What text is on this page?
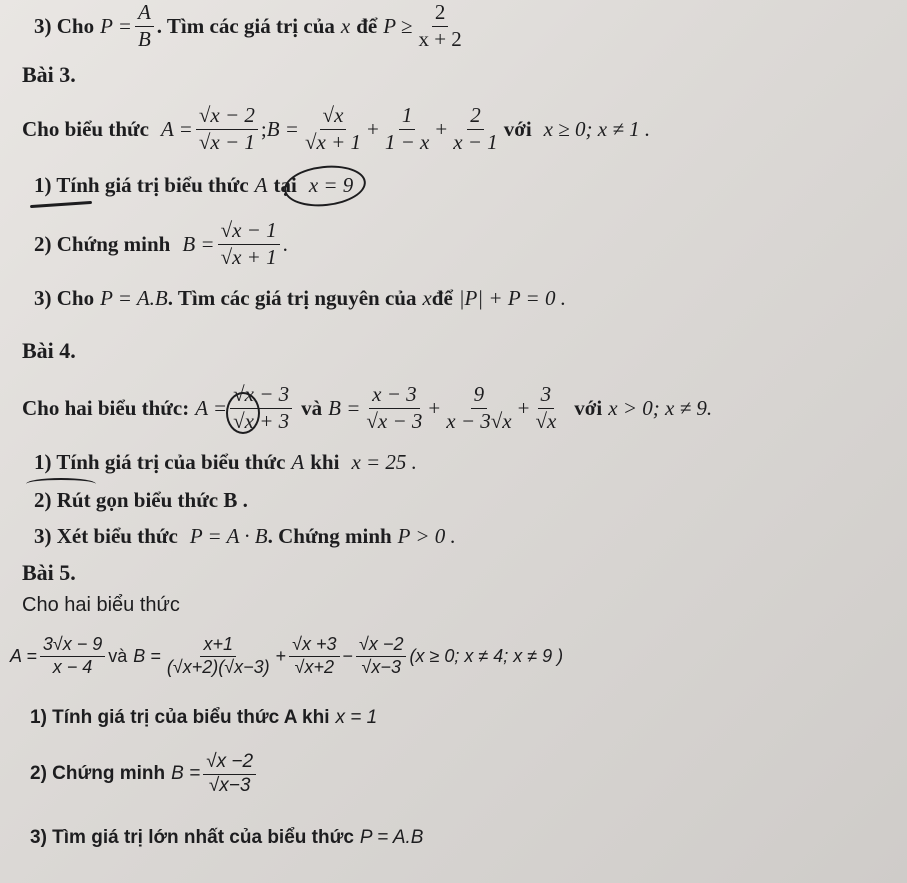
3) Cho $P = \frac{A}{B}$ . Tìm các giá trị của x để $P \ge \frac{2}{x + 2}$
Bài 3.
Cho biểu thức $A = \frac{√x - 2}{√x - 1}$ ; $B = \frac{√x}{√x + 1} + \frac{1}{1 - x} + \frac{2}{x - 1}$ với x ≥ 0; x ≠ 1 .
1) Tính giá trị biểu thức A tại x = 9
2) Chứng minh $B = \frac{√x - 1}{√x + 1}$ .
3) Cho P = A.B . Tìm các giá trị nguyên của x để |P| + P = 0 .
Bài 4.
Cho hai biểu thức: $A = \frac{√x - 3}{√x + 3}$ và $B = \frac{x - 3}{√x - 3} + \frac{9}{x - 3√x} + \frac{3}{√x}$ với x > 0; x ≠ 9.
1) Tính giá trị của biểu thức A khi x = 25 .
2) Rút gọn biểu thức B .
3) Xét biểu thức P = A · B . Chứng minh P > 0 .
Bài 5.
Cho hai biểu thức
$A = \frac{3√x - 9}{x - 4}$ và $B = \frac{x+1}{(√x+2)(√x-3)} + \frac{√x +3}{√x+2} - \frac{√x -2}{√x-3} (x \ge 0$; x ≠ 4; x ≠ 9 )
1) Tính giá trị của biểu thức A khi x = 1
2) Chứng minh $B = \frac{√x -2}{√x-3}$
3) Tìm giá trị lớn nhất của biểu thức P = A.B
